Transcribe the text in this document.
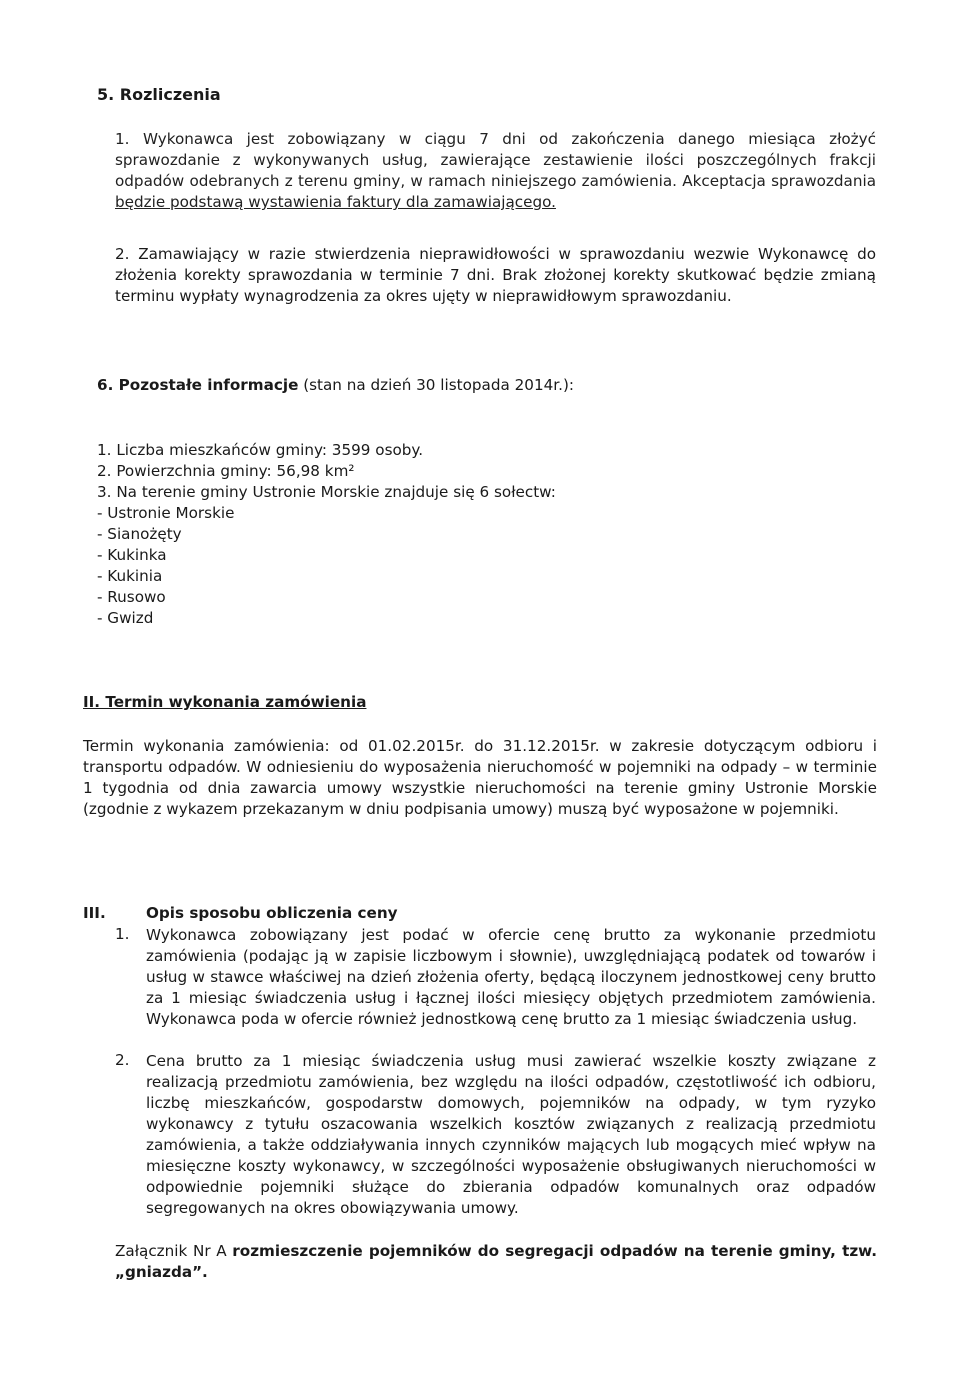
5. Rozliczenia
1. Wykonawca jest zobowiązany w ciągu 7 dni od zakończenia danego miesiąca złożyć sprawozdanie z wykonywanych usług, zawierające zestawienie ilości poszczególnych frakcji odpadów odebranych z terenu gminy, w ramach niniejszego zamówienia. Akceptacja sprawozdania będzie podstawą wystawienia faktury dla zamawiającego.
2. Zamawiający w razie stwierdzenia nieprawidłowości w sprawozdaniu wezwie Wykonawcę do złożenia korekty sprawozdania w terminie 7 dni. Brak złożonej korekty skutkować będzie zmianą terminu wypłaty wynagrodzenia za okres ujęty w nieprawidłowym sprawozdaniu.
6. Pozostałe informacje (stan na dzień 30 listopada 2014r.):
1. Liczba mieszkańców gminy: 3599 osoby.
2. Powierzchnia gminy: 56,98 km²
3. Na terenie gminy Ustronie Morskie znajduje się 6 sołectw:
- Ustronie Morskie
- Sianożęty
- Kukinka
- Kukinia
- Rusowo
- Gwizd
II. Termin wykonania zamówienia
Termin wykonania zamówienia: od 01.02.2015r. do 31.12.2015r. w zakresie dotyczącym odbioru i transportu odpadów. W odniesieniu do wyposażenia nieruchomość w pojemniki na odpady – w terminie 1 tygodnia od dnia zawarcia umowy wszystkie nieruchomości na terenie gminy Ustronie Morskie (zgodnie z wykazem przekazanym w dniu podpisania umowy) muszą być wyposażone w pojemniki.
III.	Opis sposobu obliczenia ceny
1. Wykonawca zobowiązany jest podać w ofercie cenę brutto za wykonanie przedmiotu zamówienia (podając ją w zapisie liczbowym i słownie), uwzględniającą podatek od towarów i usług w stawce właściwej na dzień złożenia oferty, będącą iloczynem jednostkowej ceny brutto za 1 miesiąc świadczenia usług i łącznej ilości miesięcy objętych przedmiotem zamówienia. Wykonawca poda w ofercie również jednostkową cenę brutto za 1 miesiąc świadczenia usług.
2. Cena brutto za 1 miesiąc świadczenia usług musi zawierać wszelkie koszty związane z realizacją przedmiotu zamówienia, bez względu na ilości odpadów, częstotliwość ich odbioru, liczbę mieszkańców, gospodarstw domowych, pojemników na odpady, w tym ryzyko wykonawcy z tytułu oszacowania wszelkich kosztów związanych z realizacją przedmiotu zamówienia, a także oddziaływania innych czynników mających lub mogących mieć wpływ na miesięczne koszty wykonawcy, w szczególności wyposażenie obsługiwanych nieruchomości w odpowiednie pojemniki służące do zbierania odpadów komunalnych oraz odpadów segregowanych na okres obowiązywania umowy.
Załącznik Nr A rozmieszczenie pojemników do segregacji odpadów na terenie gminy, tzw. „gniazda”.
